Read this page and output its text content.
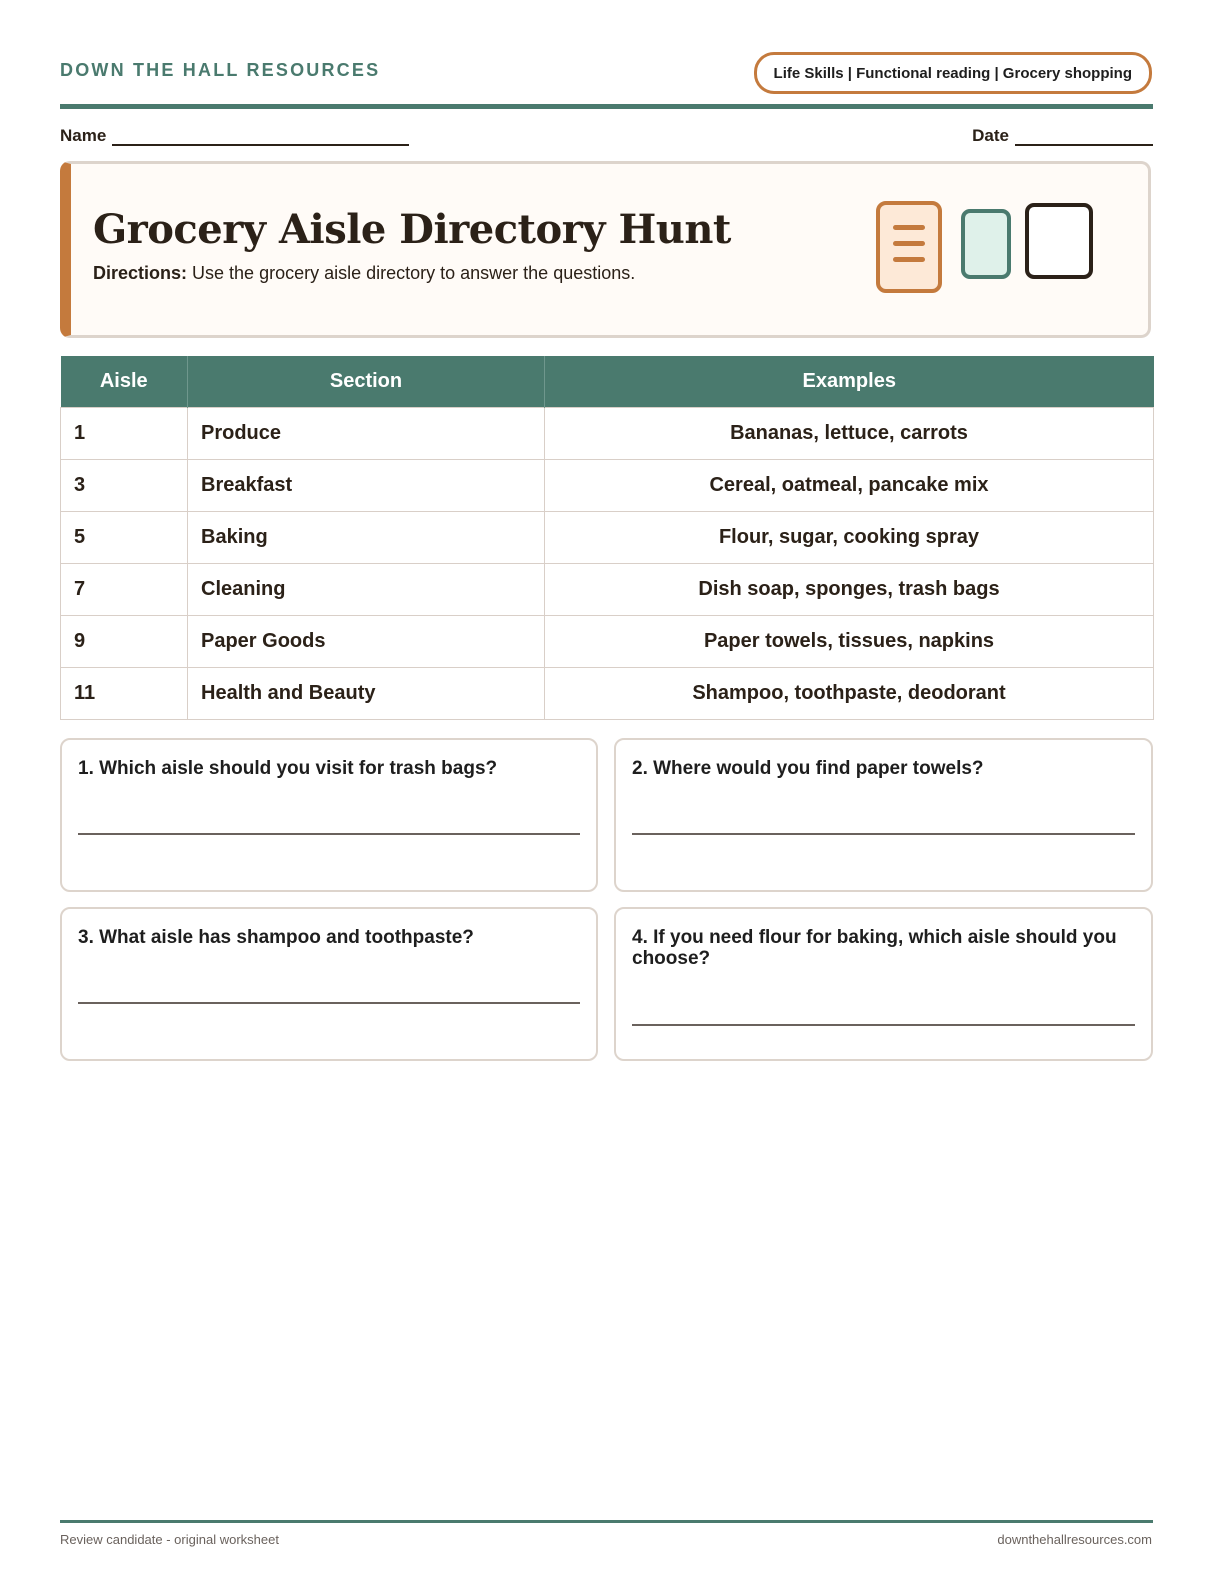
DOWN THE HALL RESOURCES	Life Skills | Functional reading | Grocery shopping
Name	Date
Grocery Aisle Directory Hunt
Directions: Use the grocery aisle directory to answer the questions.
Aisle	Section	Examples
1	Produce	Bananas, lettuce, carrots
3	Breakfast	Cereal, oatmeal, pancake mix
5	Baking	Flour, sugar, cooking spray
7	Cleaning	Dish soap, sponges, trash bags
9	Paper Goods	Paper towels, tissues, napkins
11	Health and Beauty	Shampoo, toothpaste, deodorant
1. Which aisle should you visit for trash bags?	2. Where would you find paper towels?
3. What aisle has shampoo and toothpaste?	4. If you need flour for baking, which aisle should you choose?
Review candidate - original worksheet	downthehallresources.com
